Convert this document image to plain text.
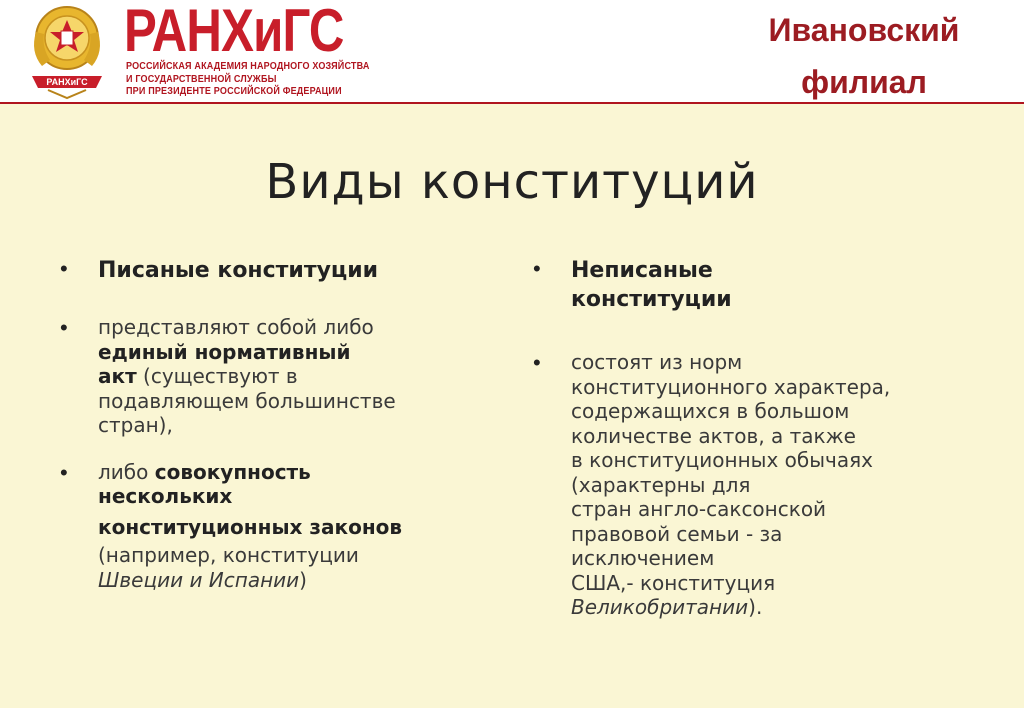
РАНХиГС
РАНХиГС
РОССИЙСКАЯ АКАДЕМИЯ НАРОДНОГО ХОЗЯЙСТВА
И ГОСУДАРСТВЕННОЙ СЛУЖБЫ
ПРИ ПРЕЗИДЕНТЕ РОССИЙСКОЙ ФЕДЕРАЦИИ
Ивановский
филиал
Виды конституций
• Писаные конституции
• представляют собой либо
единый нормативный
акт (существуют в
подавляющем большинстве
стран),
• либо совокупность
нескольких
конституционных законов
(например, конституции
Швеции и Испании)
• Неписаные
конституции
• состоят из норм
конституционного характера,
содержащихся в большом
количестве актов, а также
в конституционных обычаях
(характерны для
стран англо-саксонской
правовой семьи - за
исключением
США,- конституция
Великобритании).
